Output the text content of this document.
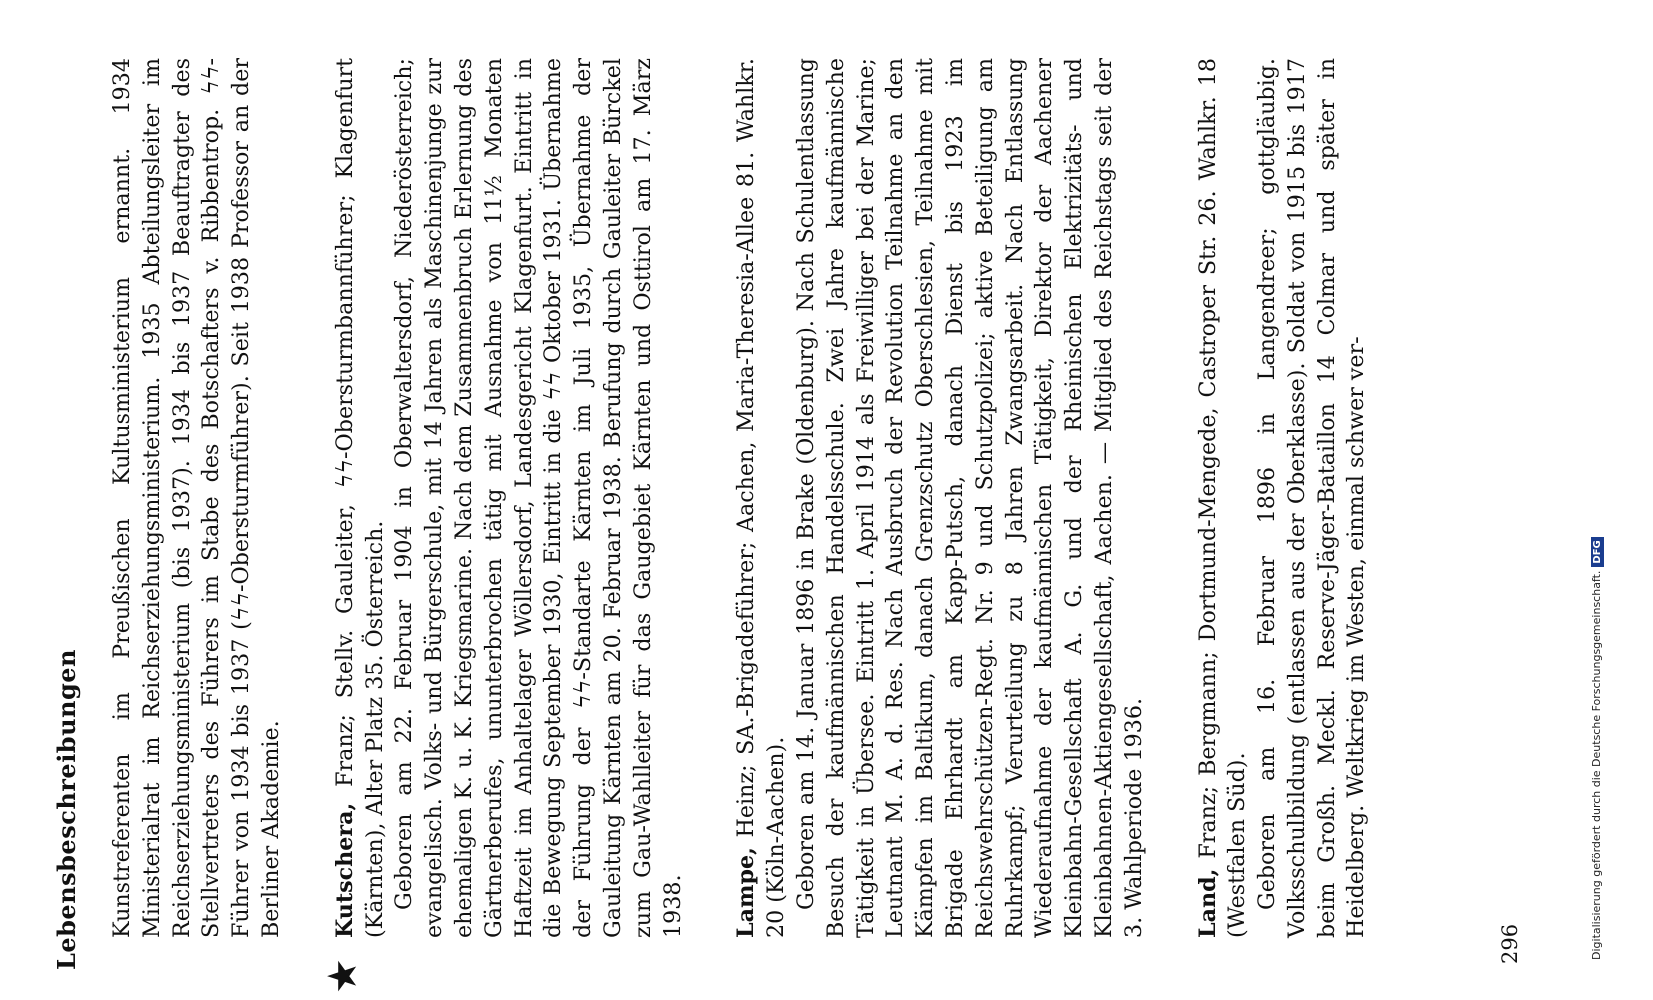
Lebensbeschreibungen Kunstreferenten im Preußischen Kultusministerium ernannt. 1934 Ministerialrat im Reichserziehungsministerium. 1935 Abteilungsleiter im Reichserziehungsministerium (bis 1937). 1934 bis 1937 Beauftragter des Stellvertreters des Führers im Stabe des Botschafters v. Ribbentrop. ϟϟ-Führer von 1934 bis 1937 (ϟϟ-Obersturmführer). Seit 1938 Professor an der Berliner Akademie.

★

Kutschera, Franz; Stellv. Gauleiter, ϟϟ-Obersturmbannführer; Klagenfurt (Kärnten), Alter Platz 35. Österreich. Geboren am 22. Februar 1904 in Oberwaltersdorf, Niederösterreich; evangelisch. Volks- und Bürgerschule, mit 14 Jahren als Maschinenjunge zur ehemaligen K. u. K. Kriegsmarine. Nach dem Zusammenbruch Erlernung des Gärtnerberufes, ununterbrochen tätig mit Ausnahme von 11½ Monaten Haftzeit im Anhaltelager Wöllersdorf, Landesgericht Klagenfurt. Eintritt in die Bewegung September 1930, Eintritt in die ϟϟ Oktober 1931. Übernahme der Führung der ϟϟ-Standarte Kärnten im Juli 1935, Übernahme der Gauleitung Kärnten am 20. Februar 1938. Berufung durch Gauleiter Bürckel zum Gau-Wahlleiter für das Gaugebiet Kärnten und Osttirol am 17. März 1938. Lampe, Heinz; SA.-Brigadeführer; Aachen, Maria-Theresia-Allee 81. Wahlkr. 20 (Köln-Aachen). Geboren am 14. Januar 1896 in Brake (Oldenburg). Nach Schulentlassung Besuch der kaufmännischen Handelsschule. Zwei Jahre kaufmännische Tätigkeit in Übersee. Eintritt 1. April 1914 als Freiwilliger bei der Marine; Leutnant M. A. d. Res. Nach Ausbruch der Revolution Teilnahme an den Kämpfen im Baltikum, danach Grenzschutz Oberschlesien, Teilnahme mit Brigade Ehrhardt am Kapp-Putsch, danach Dienst bis 1923 im Reichswehrschützen-Regt. Nr. 9 und Schutzpolizei; aktive Beteiligung am Ruhrkampf; Verurteilung zu 8 Jahren Zwangsarbeit. Nach Entlassung Wiederaufnahme der kaufmännischen Tätigkeit, Direktor der Aachener Kleinbahn-Gesellschaft A. G. und der Rheinischen Elektrizitäts- und Kleinbahnen-Aktiengesellschaft, Aachen. — Mitglied des Reichstags seit der 3. Wahlperiode 1936. Land, Franz; Bergmann; Dortmund-Mengede, Castroper Str. 26. Wahlkr. 18 (Westfalen Süd). Geboren am 16. Februar 1896 in Langendreer; gottgläubig. Volksschulbildung (entlassen aus der Oberklasse). Soldat von 1915 bis 1917 beim Großh. Meckl. Reserve-Jäger-Bataillon 14 Colmar und später in Heidelberg. Weltkrieg im Westen, einmal schwer ver-

296	Digitalisierung gefördert durch die Deutsche Forschungsgemeinschaft.DFG
